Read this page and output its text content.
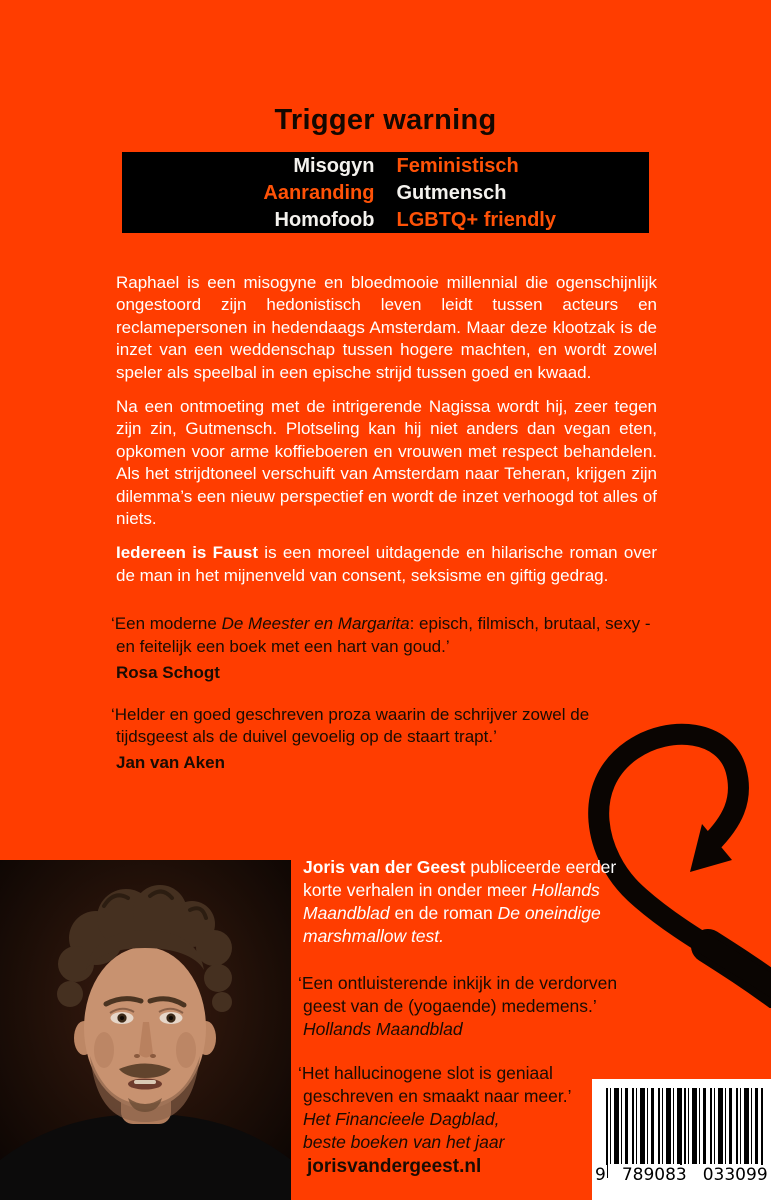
Trigger warning
Misogyn Feministisch
Aanranding Gutmensch
Homofoob LGBTQ+ friendly

Raphael is een misogyne en bloedmooie millennial die ogenschijnlijk ongestoord zijn hedonistisch leven leidt tussen acteurs en reclamepersonen in hedendaags Amsterdam. Maar deze klootzak is de inzet van een weddenschap tussen hogere machten, en wordt zowel speler als speelbal in een epische strijd tussen goed en kwaad.

Na een ontmoeting met de intrigerende Nagissa wordt hij, zeer tegen zijn zin, Gutmensch. Plotseling kan hij niet anders dan vegan eten, opkomen voor arme koffieboeren en vrouwen met respect behandelen. Als het strijdtoneel verschuift van Amsterdam naar Teheran, krijgen zijn dilemma’s een nieuw perspectief en wordt de inzet verhoogd tot alles of niets.

Iedereen is Faust is een moreel uitdagende en hilarische roman over de man in het mijnenveld van consent, seksisme en giftig gedrag.

‘Een moderne De Meester en Margarita: episch, filmisch, brutaal, sexy - en feitelijk een boek met een hart van goud.’
Rosa Schogt
‘Helder en goed geschreven proza waarin de schrijver zowel de tijdsgeest als de duivel gevoelig op de staart trapt.’
Jan van Aken

Joris van der Geest publiceerde eerder korte verhalen in onder meer Hollands Maandblad en de roman De oneindige marshmallow test.

‘Een ontluisterende inkijk in de verdorven geest van de (yogaende) medemens.’ Hollands Maandblad

‘Het hallucinogene slot is geniaal geschreven en smaakt naar meer.’
Het Financieele Dagblad,
beste boeken van het jaar

jorisvandergeest.nl	9 789083 033099
